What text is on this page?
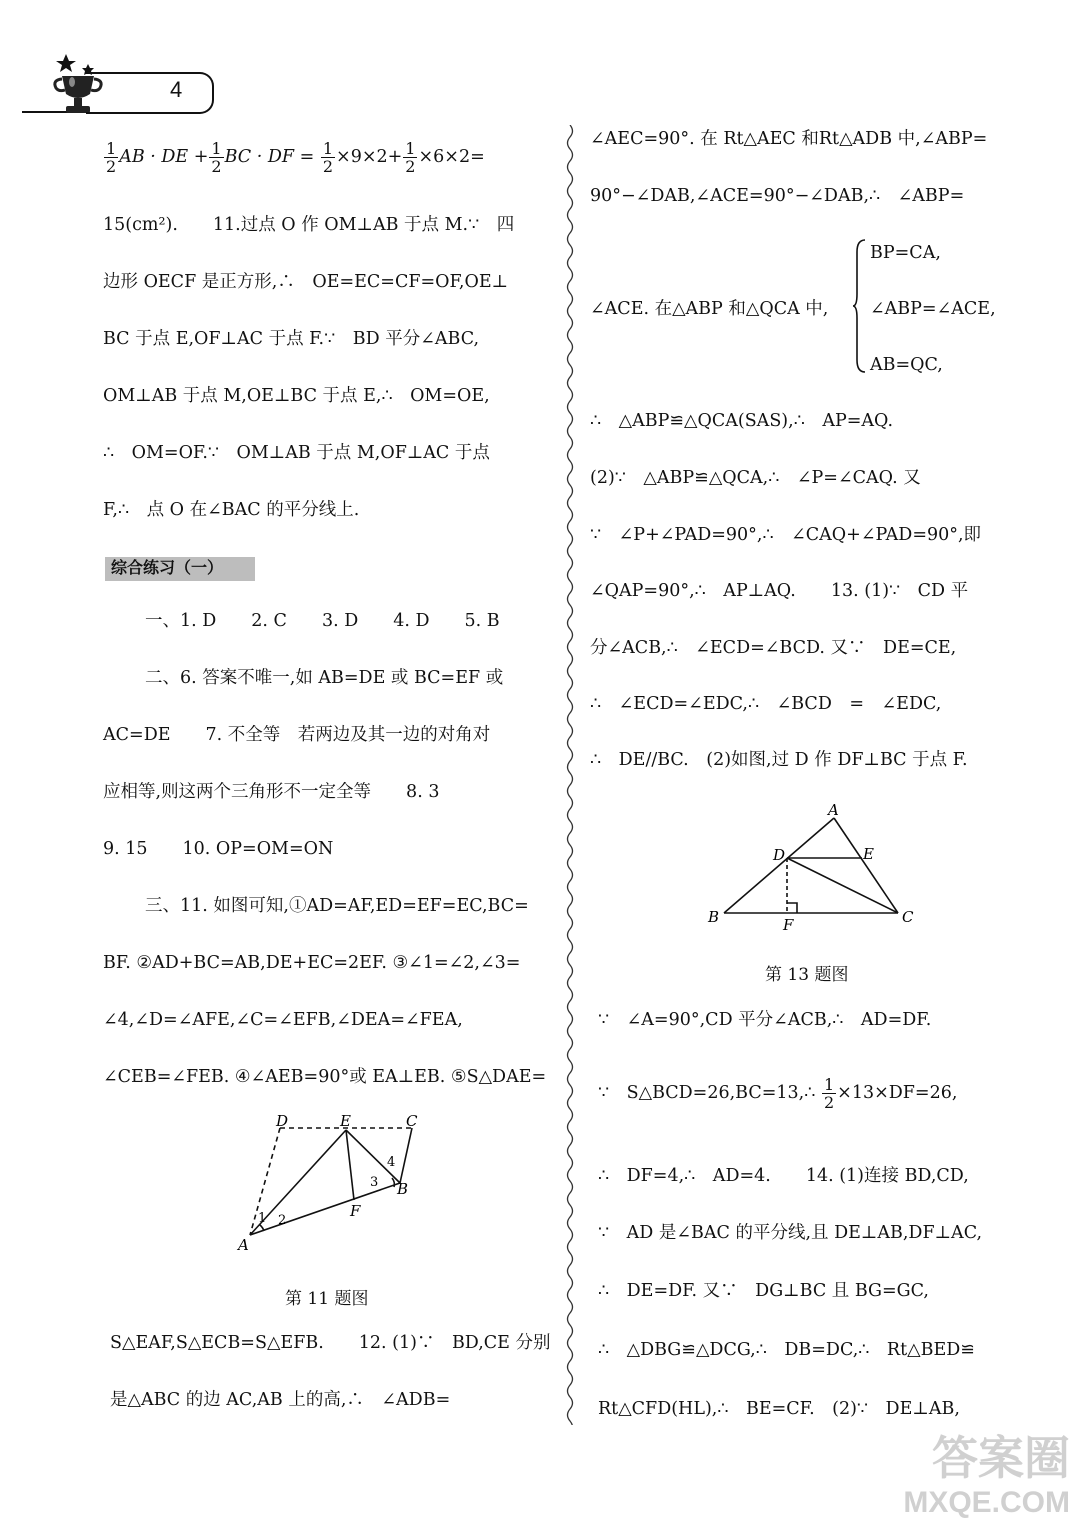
4
$\frac{1}{2}$ AB · DE + $\frac{1}{2}$ BC · DF = $\frac{1}{2} \times 9\times 2+ \frac{1}{2} \times 6\times 2=$
15(cm²).　　11.过点 O 作 OM⊥AB 于点 M.∵　四
边形 OECF 是正方形,∴　OE=EC=CF=OF,OE⊥
BC 于点 E,OF⊥AC 于点 F.∵　BD 平分∠ABC,
OM⊥AB 于点 M,OE⊥BC 于点 E,∴　OM=OE,
∴　OM=OF.∵　OM⊥AB 于点 M,OF⊥AC 于点
F,∴　点 O 在∠BAC 的平分线上.
综合练习（一）
一、1. D　　2. C　　3. D　　4. D　　5. B
二、6. 答案不唯一,如 AB=DE 或 BC=EF 或
AC=DE　　7. 不全等　若两边及其一边的对角对
应相等,则这两个三角形不一定全等　　8. 3
9. 15　　10. OP=OM=ON
三、11. 如图可知,①AD=AF,ED=EF=EC,BC=
BF. ②AD+BC=AB,DE+EC=2EF. ③∠1=∠2,∠3=
∠4,∠D=∠AFE,∠C=∠EFB,∠DEA=∠FEA,
∠CEB=∠FEB. ④∠AEB=90°或 EA⊥EB. ⑤S△DAE=
D	E	C
A
B
F
1 2
3
4
第 11 题图
S△EAF,S△ECB=S△EFB.　　12. (1)∵　BD,CE 分别
是△ABC 的边 AC,AB 上的高,∴　∠ADB=
∠AEC=90°. 在 Rt△AEC 和Rt△ADB 中,∠ABP=
90°−∠DAB,∠ACE=90°−∠DAB,∴　∠ABP=
∠ACE. 在△ABP 和△QCA 中,
BP=CA,
∠ABP=∠ACE,
AB=QC,
∴　△ABP≌△QCA(SAS),∴　AP=AQ.
(2)∵　△ABP≌△QCA,∴　∠P=∠CAQ. 又
∵　∠P+∠PAD=90°,∴　∠CAQ+∠PAD=90°,即
∠QAP=90°,∴　AP⊥AQ.　　13. (1)∵　CD 平
分∠ACB,∴　∠ECD=∠BCD. 又∵　DE=CE,
∴　∠ECD=∠EDC,∴　∠BCD　=　∠EDC,
∴　DE//BC.　(2)如图,过 D 作 DF⊥BC 于点 F.
A
D	E
B	F	C
第 13 题图
∵　∠A=90°,CD 平分∠ACB,∴　AD=DF.
∵　S△BCD=26,BC=13,∴ $\frac{1}{2} \times 13\times DF=26$,
∴　DF=4,∴　AD=4.　　14. (1)连接 BD,CD,
∵　AD 是∠BAC 的平分线,且 DE⊥AB,DF⊥AC,
∴　DE=DF. 又∵　DG⊥BC 且 BG=GC,
∴　△DBG≌△DCG,∴　DB=DC,∴　Rt△BED≌
Rt△CFD(HL),∴　BE=CF.　(2)∵　DE⊥AB,
答案圈
MXQE.COM
